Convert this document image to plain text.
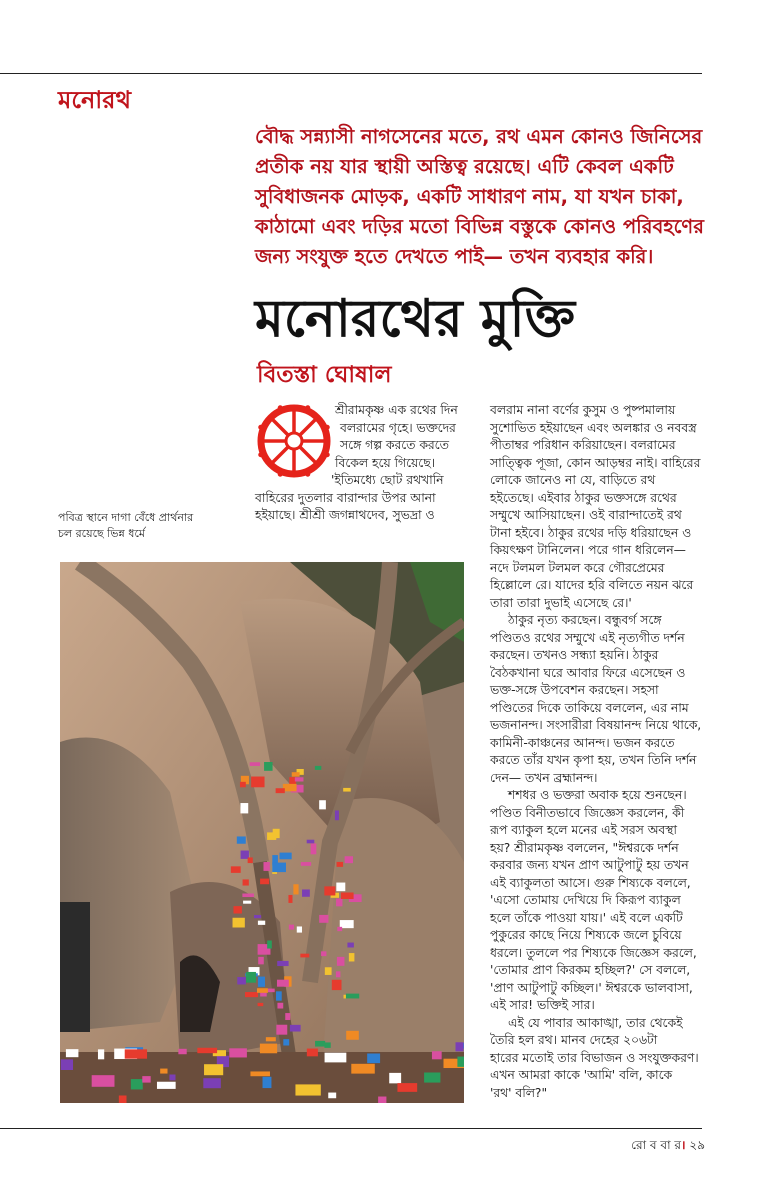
মনোরথ
বৌদ্ধ সন্ন্যাসী নাগসেনের মতে, রথ এমন কোনও জিনিসের
প্রতীক নয় যার স্থায়ী অস্তিত্ব রয়েছে। এটি কেবল একটি
সুবিধাজনক মোড়ক, একটি সাধারণ নাম, যা যখন চাকা,
কাঠামো এবং দড়ির মতো বিভিন্ন বস্তুকে কোনও পরিবহণের
জন্য সংযুক্ত হতে দেখতে পাই— তখন ব্যবহার করি।
মনোরথের মুক্তি
বিতস্তা ঘোষাল
শ্রীরামকৃষ্ণ এক রথের দিন
বলরামের গৃহে। ভক্তদের
সঙ্গে গল্প করতে করতে
বিকেল হয়ে গিয়েছে।
'ইতিমধ্যে ছোট রথখানি
বাহিরের দুতলার বারান্দার উপর আনা
হইয়াছে। শ্রীশ্রী জগন্নাথদেব, সুভদ্রা ও
বলরাম নানা বর্ণের কুসুম ও পুষ্পমালায়
সুশোভিত হইয়াছেন এবং অলঙ্কার ও নববস্ত্র
পীতাম্বর পরিধান করিয়াছেন। বলরামের
সাত্ত্বিক পূজা, কোন আড়ম্বর নাই। বাহিরের
লোকে জানেও না যে, বাড়িতে রথ
হইতেছে। এইবার ঠাকুর ভক্তসঙ্গে রথের
সম্মুখে আসিয়াছেন। ওই বারান্দাতেই রথ
টানা হইবে। ঠাকুর রথের দড়ি ধরিয়াছেন ও
কিয়ৎক্ষণ টানিলেন। পরে গান ধরিলেন—
নদে টলমল টলমল করে গৌরপ্রেমের
হিল্লোলে রে। যাদের হরি বলিতে নয়ন ঝরে
তারা তারা দুভাই এসেছে রে।'
ঠাকুর নৃত্য করছেন। বন্ধুবর্গ সঙ্গে
পণ্ডিতও রথের সম্মুখে এই নৃত্যগীত দর্শন
করছেন। তখনও সন্ধ্যা হয়নি। ঠাকুর
বৈঠকখানা ঘরে আবার ফিরে এসেছেন ও
ভক্ত-সঙ্গে উপবেশন করছেন। সহসা
পণ্ডিতের দিকে তাকিয়ে বললেন, এর নাম
ভজনানন্দ। সংসারীরা বিষয়ানন্দ নিয়ে থাকে,
কামিনী-কাঞ্চনের আনন্দ। ভজন করতে
করতে তাঁর যখন কৃপা হয়, তখন তিনি দর্শন
দেন— তখন ব্রহ্মানন্দ।
শশধর ও ভক্তরা অবাক হয়ে শুনছেন।
পণ্ডিত বিনীতভাবে জিজ্ঞেস করলেন, কী
রূপ ব্যাকুল হলে মনের এই সরস অবস্থা
হয়? শ্রীরামকৃষ্ণ বললেন, "ঈশ্বরকে দর্শন
করবার জন্য যখন প্রাণ আটুপাটু হয় তখন
এই ব্যাকুলতা আসে। গুরু শিষ্যকে বললে,
'এসো তোমায় দেখিয়ে দি কিরূপ ব্যাকুল
হলে তাঁকে পাওয়া যায়।' এই বলে একটি
পুকুরের কাছে নিয়ে শিষ্যকে জলে চুবিয়ে
ধরলে। তুললে পর শিষ্যকে জিজ্ঞেস করলে,
'তোমার প্রাণ কিরকম হচ্ছিল?' সে বললে,
'প্রাণ আটুপাটু কচ্ছিল।' ঈশ্বরকে ভালবাসা,
এই সার! ভক্তিই সার।
এই যে পাবার আকাঙ্খা, তার থেকেই
তৈরি হল রথ। মানব দেহের ২০৬টা
হারের মতোই তার বিভাজন ও সংযুক্তকরণ।
এখন আমরা কাকে 'আমি' বলি, কাকে
'রথ' বলি?"
পবিত্র স্থানে দাগা বেঁধে প্রার্থনার
চল রয়েছে ভিন্ন ধর্মে
রো ব বা র। ২৯
